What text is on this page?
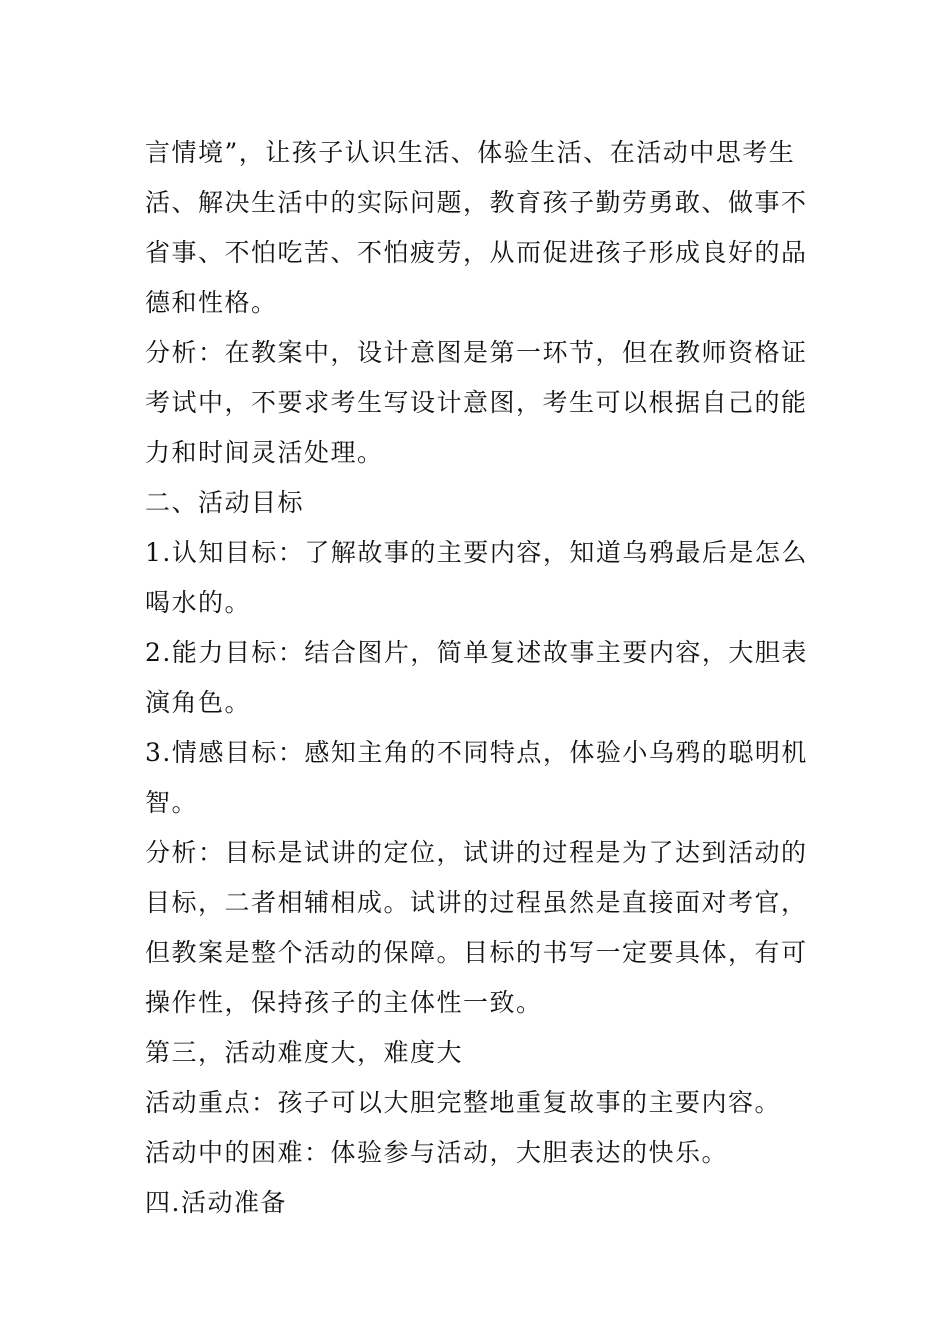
言情境”，让孩子认识生活、体验生活、在活动中思考生
活、解决生活中的实际问题，教育孩子勤劳勇敢、做事不
省事、不怕吃苦、不怕疲劳，从而促进孩子形成良好的品
德和性格。
分析：在教案中，设计意图是第一环节，但在教师资格证
考试中，不要求考生写设计意图，考生可以根据自己的能
力和时间灵活处理。
二、活动目标
1.认知目标：了解故事的主要内容，知道乌鸦最后是怎么
喝水的。
2.能力目标：结合图片，简单复述故事主要内容，大胆表
演角色。
3.情感目标：感知主角的不同特点，体验小乌鸦的聪明机
智。
分析：目标是试讲的定位，试讲的过程是为了达到活动的
目标，二者相辅相成。试讲的过程虽然是直接面对考官，
但教案是整个活动的保障。目标的书写一定要具体，有可
操作性，保持孩子的主体性一致。
第三，活动难度大，难度大
活动重点：孩子可以大胆完整地重复故事的主要内容。
活动中的困难：体验参与活动，大胆表达的快乐。
四.活动准备
